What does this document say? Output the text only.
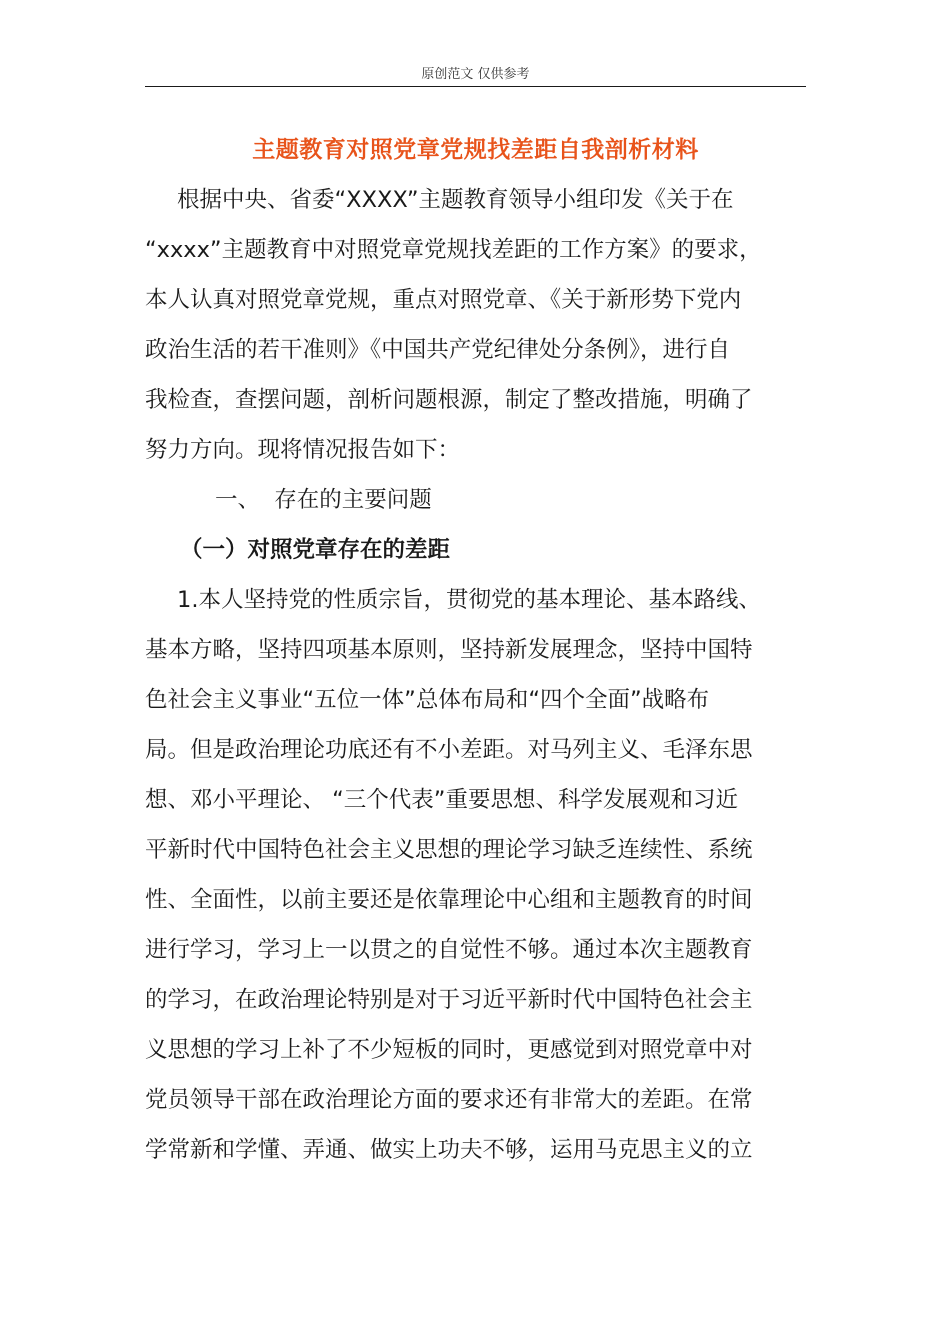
原创范文 仅供参考
主题教育对照党章党规找差距自我剖析材料
根据中央、省委“XXXX”主题教育领导小组印发《关于在
“xxxx”主题教育中对照党章党规找差距的工作方案》的要求，
本人认真对照党章党规，重点对照党章、《关于新形势下党内
政治生活的若干准则》《中国共产党纪律处分条例》，进行自
我检查，查摆问题，剖析问题根源，制定了整改措施，明确了
努力方向。现将情况报告如下：
一、  存在的主要问题
（一）对照党章存在的差距
1.本人坚持党的性质宗旨，贯彻党的基本理论、基本路线、
基本方略，坚持四项基本原则，坚持新发展理念，坚持中国特
色社会主义事业“五位一体”总体布局和“四个全面”战略布
局。但是政治理论功底还有不小差距。对马列主义、毛泽东思
想、邓小平理论、 “三个代表”重要思想、科学发展观和习近
平新时代中国特色社会主义思想的理论学习缺乏连续性、系统
性、全面性，以前主要还是依靠理论中心组和主题教育的时间
进行学习，学习上一以贯之的自觉性不够。通过本次主题教育
的学习，在政治理论特别是对于习近平新时代中国特色社会主
义思想的学习上补了不少短板的同时，更感觉到对照党章中对
党员领导干部在政治理论方面的要求还有非常大的差距。在常
学常新和学懂、弄通、做实上功夫不够，运用马克思主义的立
